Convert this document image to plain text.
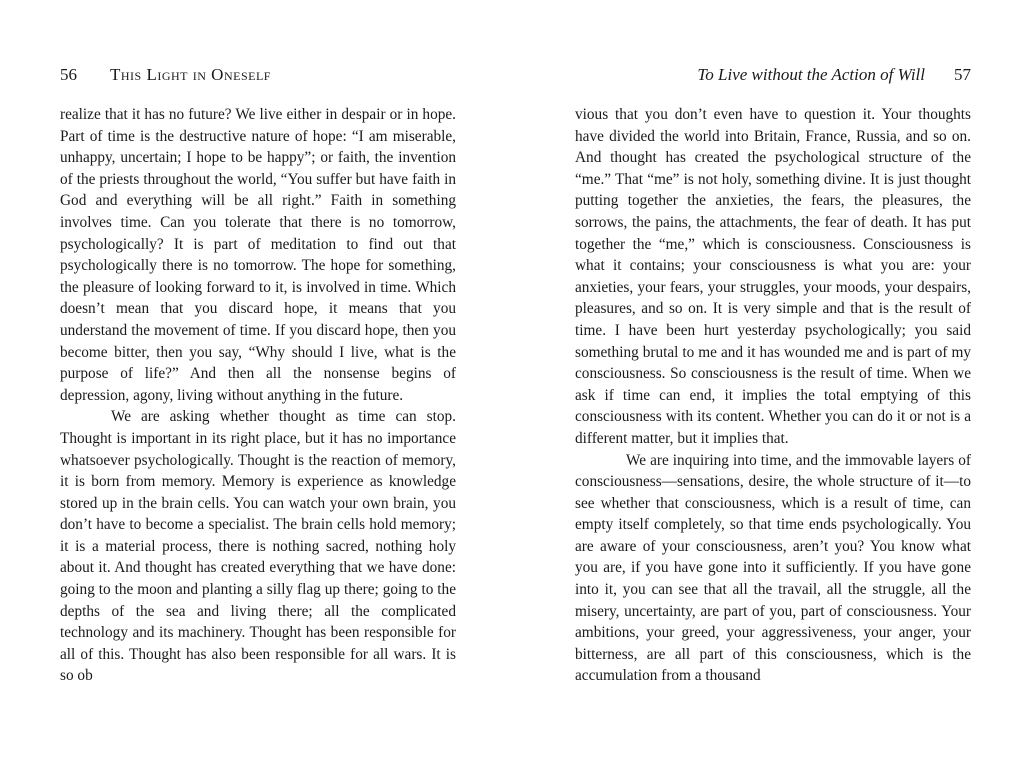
56 This Light in Oneself

realize that it has no future? We live either in despair or in hope. Part of time is the destructive nature of hope: “I am miserable, unhappy, uncertain; I hope to be happy”; or faith, the invention of the priests throughout the world, “You suffer but have faith in God and everything will be all right.” Faith in something involves time. Can you tolerate that there is no tomorrow, psychologically? It is part of meditation to find out that psychologically there is no tomorrow. The hope for something, the pleasure of looking forward to it, is involved in time. Which doesn’t mean that you discard hope, it means that you understand the movement of time. If you discard hope, then you become bitter, then you say, “Why should I live, what is the purpose of life?” And then all the nonsense begins of depression, agony, living without anything in the future.

We are asking whether thought as time can stop. Thought is important in its right place, but it has no importance whatsoever psychologically. Thought is the reaction of memory, it is born from memory. Memory is experience as knowledge stored up in the brain cells. You can watch your own brain, you don’t have to become a specialist. The brain cells hold memory; it is a material process, there is nothing sacred, nothing holy about it. And thought has created everything that we have done: going to the moon and planting a silly flag up there; going to the depths of the sea and living there; all the complicated technology and its machinery. Thought has been responsible for all of this. Thought has also been responsible for all wars. It is so ob

To Live without the Action of Will 57

vious that you don’t even have to question it. Your thoughts have divided the world into Britain, France, Russia, and so on. And thought has created the psychological structure of the “me.” That “me” is not holy, something divine. It is just thought putting together the anxieties, the fears, the pleasures, the sorrows, the pains, the attachments, the fear of death. It has put together the “me,” which is consciousness. Consciousness is what it contains; your consciousness is what you are: your anxieties, your fears, your struggles, your moods, your despairs, pleasures, and so on. It is very simple and that is the result of time. I have been hurt yesterday psychologically; you said something brutal to me and it has wounded me and is part of my consciousness. So consciousness is the result of time. When we ask if time can end, it implies the total emptying of this consciousness with its content. Whether you can do it or not is a different matter, but it implies that.

We are inquiring into time, and the immovable layers of consciousness—sensations, desire, the whole structure of it—to see whether that consciousness, which is a result of time, can empty itself completely, so that time ends psychologically. You are aware of your consciousness, aren’t you? You know what you are, if you have gone into it sufficiently. If you have gone into it, you can see that all the travail, all the struggle, all the misery, uncertainty, are part of you, part of consciousness. Your ambitions, your greed, your aggressiveness, your anger, your bitterness, are all part of this consciousness, which is the accumulation from a thousand
